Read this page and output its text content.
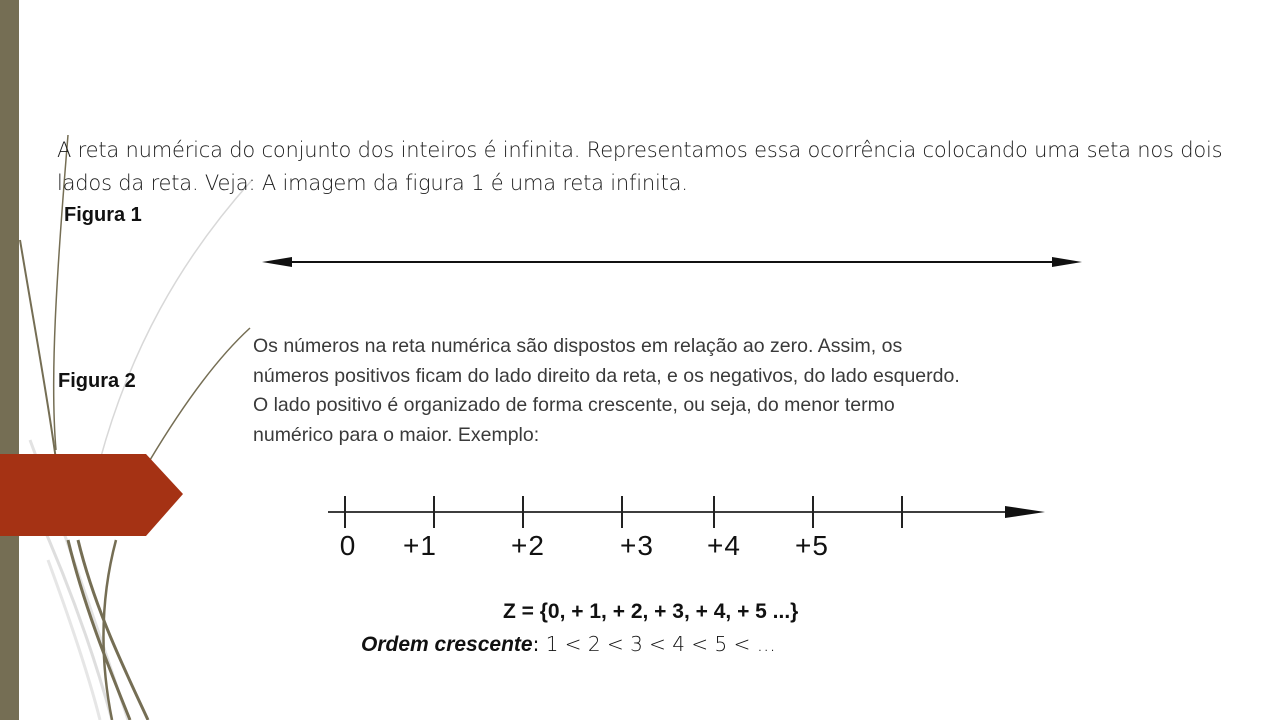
A reta numérica do conjunto dos inteiros é infinita. Representamos essa ocorrência colocando uma seta nos dois lados da reta. Veja: A imagem da figura 1 é uma reta infinita.
Figura 1
Figura 2
Os números na reta numérica são dispostos em relação ao zero. Assim, os
números positivos ficam do lado direito da reta, e os negativos, do lado esquerdo.
O lado positivo é organizado de forma crescente, ou seja, do menor termo
numérico para o maior. Exemplo:
0 +1	+2	+3 +4 +5
Z = {0, + 1, + 2, + 3, + 4, + 5 ...}
Ordem crescente: 1 < 2 < 3 < 4 < 5 < ...
